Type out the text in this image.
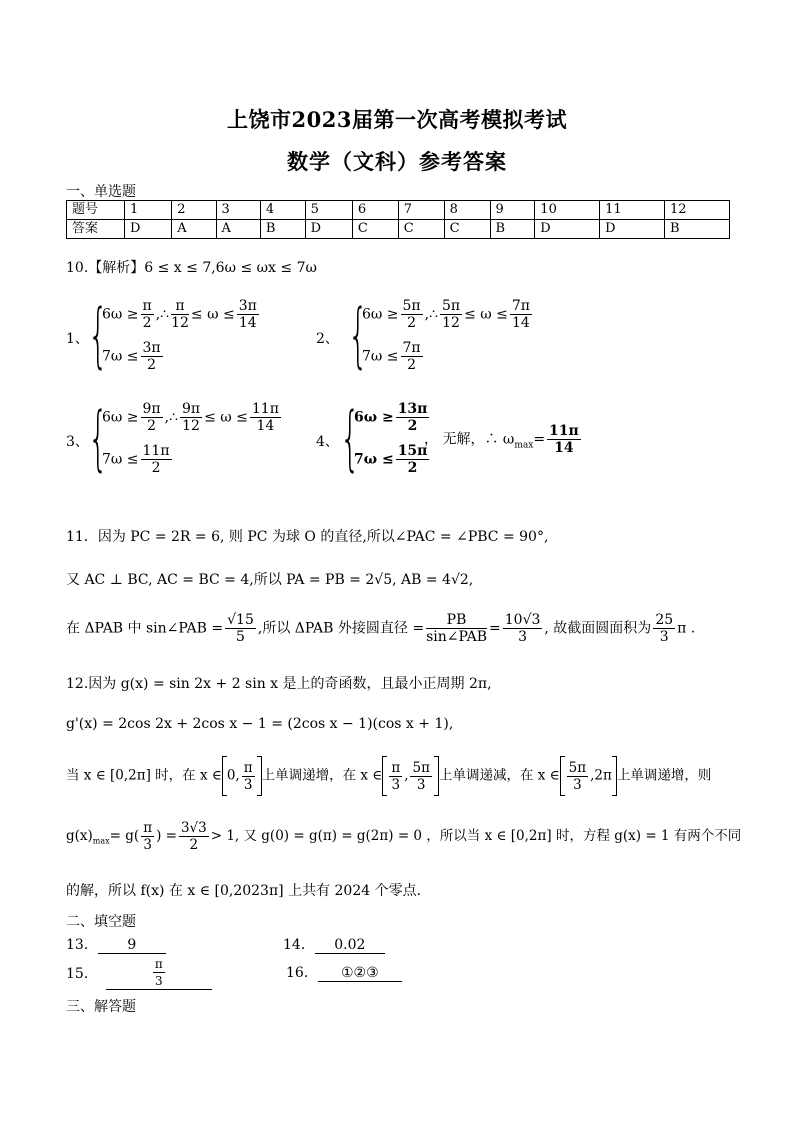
上饶市2023届第一次高考模拟考试
数学（文科）参考答案
一、单选题
题号	1	2	3	4	5	6	7	8	9	10	11	12
答案	D	A	A	B	D	C	C	C	B	D	D	B
10.【解析】6 ≤ x ≤ 7,6ω ≤ ωx ≤ 7ω
1、 {
$6\omega \ge \frac{\pi}{2}$ ,∴ $\frac{\pi}{12} \le \omega \le \frac{3\pi}{14}$
$7\omega \le \frac{3\pi}{2}$
2、 {
$6\omega \ge \frac{5\pi}{2}$ ,∴ $\frac{5\pi}{12} \le \omega \le \frac{7\pi}{14}$
$7\omega \le \frac{7\pi}{2}$
3、 {
$6\omega \ge \frac{9\pi}{2}$ ,∴ $\frac{9\pi}{12} \le \omega \le \frac{11\pi}{14}$
$7\omega \le \frac{11\pi}{2}$
4、 {
$6\omega \ge \frac{13\pi}{2}$
$7\omega \le \frac{15\pi}{2}$
， 无解，∴ $\omega_{max}= \frac{11\pi}{14}$
11．因为 PC = 2R = 6, 则 PC 为球 O 的直径,所以∠PAC = ∠PBC = 90°,
又 AC ⊥ BC, AC = BC = 4,所以 PA = PB = 2√5, AB = 4√2,
在 ΔPAB 中 sin∠PAB = $\frac{√15}{5}$ ,所以 ΔPAB 外接圆直径 = $\frac{PB}{\text{sin∠PAB}} = \frac{10√3}{3}$ , 故截面圆面积为 $\frac{25}{3}$ π .
12.因为 g(x) = sin 2x + 2 sin x 是上的奇函数，且最小正周期 2π,
g'(x) = 2cos 2x + 2cos x − 1 = (2cos x − 1)(cos x + 1),
当 x ∈ [0,2π] 时，在 x ∈ 0, $\frac{\pi}{3}$ 上单调递增，在 x ∈ $\frac{\pi}{3}$ , $\frac{5\pi}{3}$ 上单调递减，在 x ∈ $\frac{5\pi}{3} ,2\pi$ 上单调递增，则
$g(x)_{max}= g( \frac{\pi}{3}$ ) = $\frac{3√3}{2} > 1$, 又 g(0) = g(π) = g(2π) = 0 ，所以当 x ∈ [0,2π] 时，方程 g(x) = 1 有两个不同
的解，所以 f(x) 在 x ∈ [0,2023π] 上共有 2024 个零点.
二、填空题
13． 9	14． 0.02
15．	$\frac{\pi}{3}$	16． ①②③
三、解答题
